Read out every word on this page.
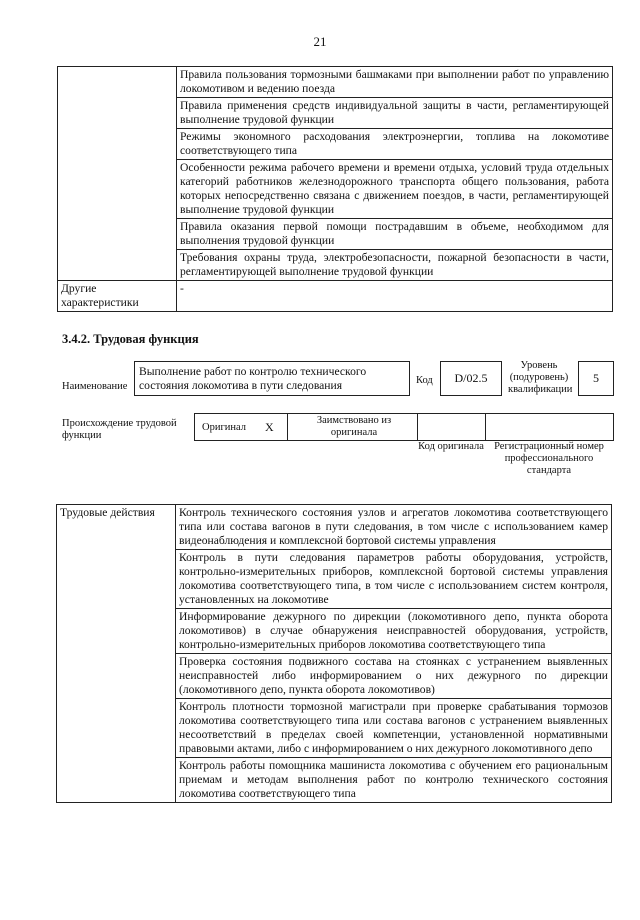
21
	Правила пользования тормозными башмаками при выполнении работ по управлению локомотивом и ведению поезда
	Правила применения средств индивидуальной защиты в части, регламентирующей выполнение трудовой функции
	Режимы экономного расходования электроэнергии, топлива на локомотиве соответствующего типа
	Особенности режима рабочего времени и времени отдыха, условий труда отдельных категорий работников железнодорожного транспорта общего пользования, работа которых непосредственно связана с движением поездов, в части, регламентирующей выполнение трудовой функции
	Правила оказания первой помощи пострадавшим в объеме, необходимом для выполнения трудовой функции
	Требования охраны труда, электробезопасности, пожарной безопасности в части, регламентирующей выполнение трудовой функции
Другие характеристики	-
3.4.2. Трудовая функция
Наименование
Выполнение работ по контролю технического состояния локомотива в пути следования	Код D/02.5
Уровень (подуровень) квалификации
5
Происхождение трудовой функции
Оригинал X	Заимствовано из оригинала
Код оригинала Регистрационный номер профессионального стандарта
Трудовые действия	Контроль технического состояния узлов и агрегатов локомотива соответствующего типа или состава вагонов в пути следования, в том числе с использованием камер видеонаблюдения и комплексной бортовой системы управления
Контроль в пути следования параметров работы оборудования, устройств, контрольно-измерительных приборов, комплексной бортовой системы управления локомотива соответствующего типа, в том числе с использованием систем контроля, установленных на локомотиве
Информирование дежурного по дирекции (локомотивного депо, пункта оборота локомотивов) в случае обнаружения неисправностей оборудования, устройств, контрольно-измерительных приборов локомотива соответствующего типа
Проверка состояния подвижного состава на стоянках с устранением выявленных неисправностей либо информированием о них дежурного по дирекции (локомотивного депо, пункта оборота локомотивов)
Контроль плотности тормозной магистрали при проверке срабатывания тормозов локомотива соответствующего типа или состава вагонов с устранением выявленных несоответствий в пределах своей компетенции, установленной нормативными правовыми актами, либо с информированием о них дежурного локомотивного депо
Контроль работы помощника машиниста локомотива с обучением его рациональным приемам и методам выполнения работ по контролю технического состояния локомотива соответствующего типа
